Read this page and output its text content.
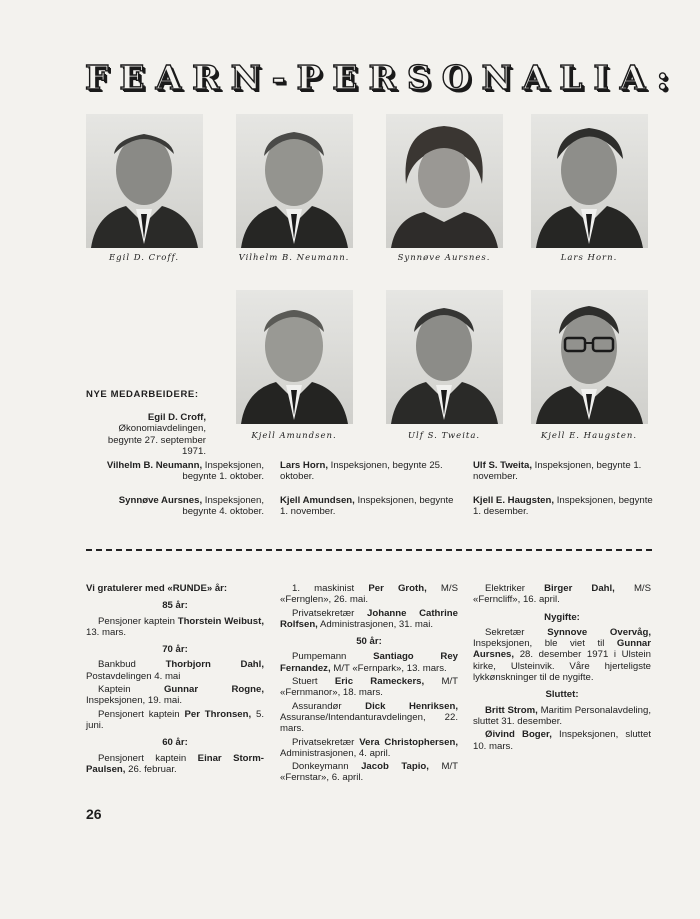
FEARN-PERSONALIA:
Egil D. Croff.	Vilhelm B. Neumann.	Synnøve Aursnes.	Lars Horn.
Kjell Amundsen.	Ulf S. Tweita.	Kjell E. Haugsten.
NYE MEDARBEIDERE:
Egil D. Croff, Økonomiavdelingen, begynte 27. september 1971.
Vilhelm B. Neumann, Inspeksjonen, begynte 1. oktober.
Synnøve Aursnes, Inspeksjonen, begynte 4. oktober.
Lars Horn, Inspeksjonen, begynte 25. oktober.
Kjell Amundsen, Inspeksjonen, begynte 1. november.
Ulf S. Tweita, Inspeksjonen, begynte 1. november.
Kjell E. Haugsten, Inspeksjonen, begynte 1. desember.

Vi gratulerer med «RUNDE» år:

85 år:

Pensjoner kaptein Thorstein Weibust, 13. mars.

70 år:

Bankbud	Thorbjorn Dahl, Postavdelingen 4. mai

Kaptein	Gunnar Rogne, Inspeksjonen, 19. mai.

Pensjonert kaptein Per Thronsen, 5. juni.

60 år:

Pensjonert kaptein Einar Storm-Paulsen, 26. februar.

1. maskinist Per Groth, M/S «Fernglen», 26. mai.

Privatsekretær Johanne Cathrine Rolfsen, Administrasjonen, 31. mai.

50 år:

Pumpemann	Santiago Rey Fernandez, M/T «Fernpark», 13. mars.

Stuert Eric Rameckers, M/T «Fernmanor», 18. mars.

Assurandør Dick Henriksen, Assuranse/Intendanturavdelingen, 22. mars.

Privatsekretær Vera Christophersen, Administrasjonen, 4. april.

Donkeymann Jacob Tapio, M/T «Fernstar», 6. april.

Elektriker Birger Dahl, M/S «Ferncliff», 16. april.

Nygifte:

Sekretær Synnove Overvåg, Inspeksjonen, ble viet til Gunnar Aursnes, 28. desember 1971 i Ulstein kirke, Ulsteinvik. Våre hjerteligste lykkønskninger til de nygifte.

Sluttet:

Britt Strom, Maritim Personalavdeling, sluttet 31. desember.

Øivind Boger, Inspeksjonen, sluttet 10. mars.

26
